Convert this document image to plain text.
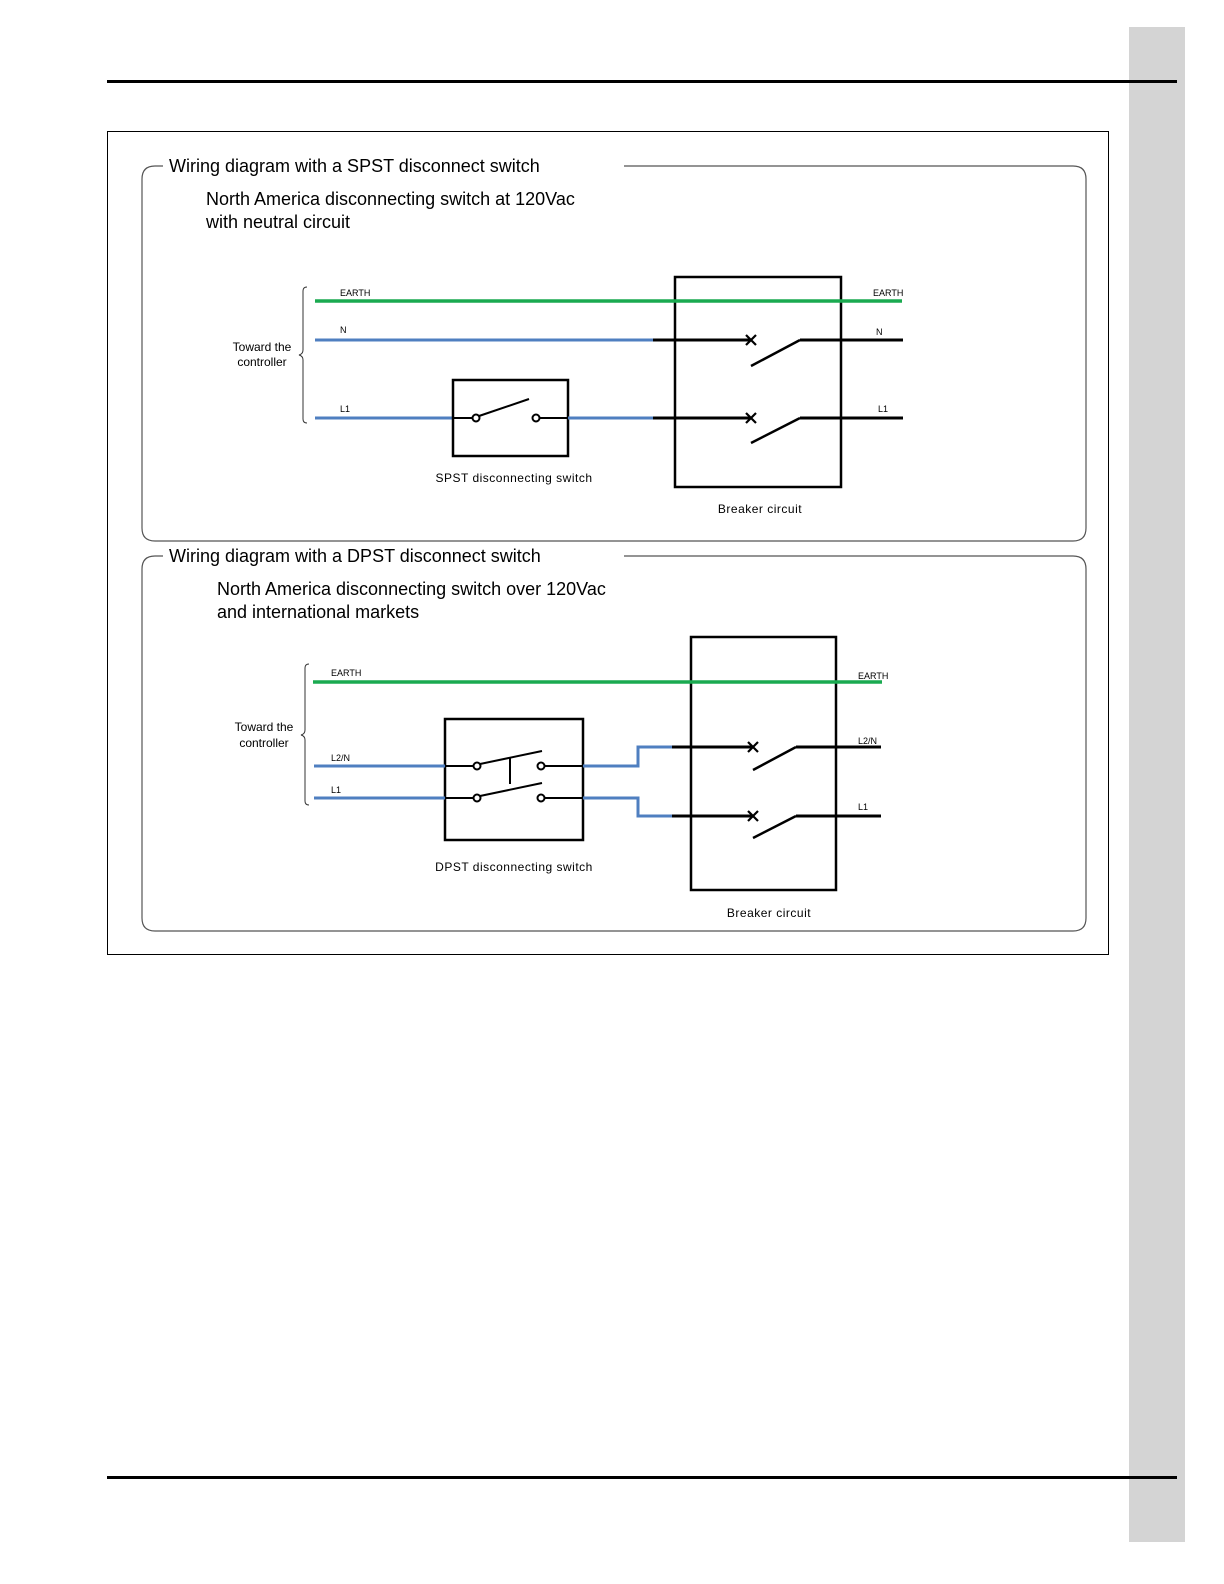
Wiring diagram with a SPST disconnect switch
North America disconnecting switch at 120Vac
with neutral circuit
Toward the
controller
EARTH	EARTH
N	N
L1	L1
SPST disconnecting switch
Breaker circuit
Wiring diagram with a DPST disconnect switch
North America disconnecting switch over 120Vac
and international markets
Toward the
controller
EARTH	EARTH
L2/N
L2/N
L1
L1
DPST disconnecting switch
Breaker circuit
